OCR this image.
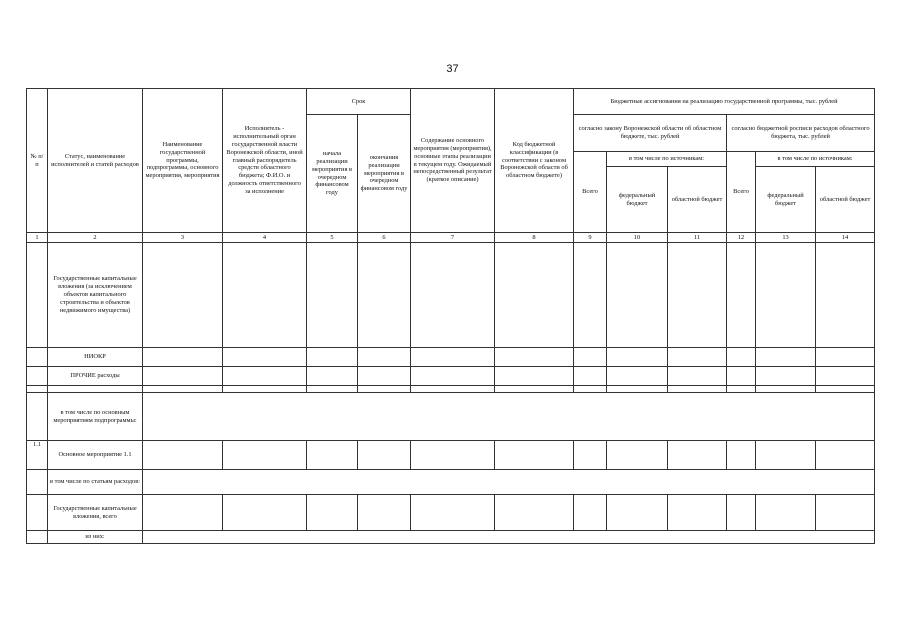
37
№ п/п	Статус, наименование исполнителей и статей расходов	Наименование государственной программы, подпрограммы, основного мероприятия, мероприятия	Исполнитель - исполнительный орган государственной власти Воронежской области, иной главный распорядитель средств областного бюджета; Ф.И.О. и должность ответственного за исполнение	Срок		Содержание основного мероприятия (мероприятия), основные этапы реализации в текущем году. Ожидаемый непосредственный результат (краткое описание)	Код бюджетной классификации (в соответствии с законом Воронежской области об областном бюджете)	Бюджетные ассигнования на реализацию государственной программы, тыс. рублей					
				начала реализации мероприятия в очередном финансовом году	окончания реализации мероприятия в очередном финансовом году			согласно закону Воронежской области об областном бюджете, тыс. рублей			согласно бюджетной росписи расходов областного бюджета, тыс. рублей		
								Всего	в том числе по источникам:		Всего	в том числе по источникам:	
									федеральный бюджет	областной бюджет		федеральный бюджет	областной бюджет

1	2	3	4	5	6	7	8	9	10	11	12	13	14
	Государственные капитальные вложения (за исключением объектов капитального строительства и объектов недвижимого имущества)												
	НИОКР												
	ПРОЧИЕ расходы												

	в том числе по основным мероприятиям подпрограммы:												
1.1	Основное мероприятие 1.1												
	в том числе по статьям расходов:												
	Государственные капитальные вложения, всего												
	из них:												
